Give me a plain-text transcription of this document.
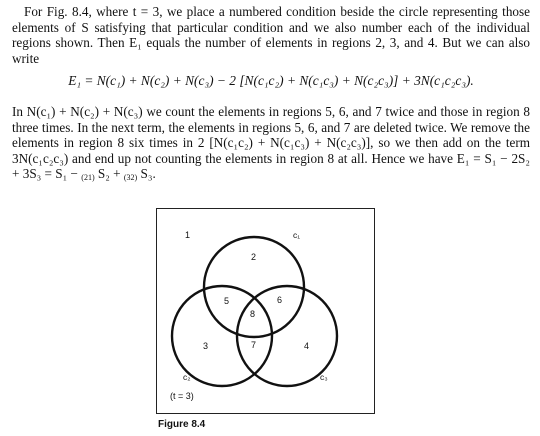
For Fig. 8.4, where t = 3, we place a numbered condition beside the circle representing those elements of S satisfying that particular condition and we also number each of the individual regions shown. Then E₁ equals the number of elements in regions 2, 3, and 4. But we can also write

E₁ = N(c₁) + N(c₂) + N(c₃) − 2 [N(c₁c₂) + N(c₁c₃) + N(c₂c₃)] + 3N(c₁c₂c₃).

In N(c₁) + N(c₂) + N(c₃) we count the elements in regions 5, 6, and 7 twice and those in region 8 three times. In the next term, the elements in regions 5, 6, and 7 are deleted twice. We remove the elements in region 8 six times in 2 [N(c₁c₂) + N(c₁c₃) + N(c₂c₃)], so we then add on the term 3N(c₁c₂c₃) and end up not counting the elements in region 8 at all. Hence we have E₁ = S₁ − 2S₂ + 3S₃ = S₁ − (21) S₂ + (32) S₃.

1
2
3	4
5	6
7
8
c₁
c₂	c₃
(t = 3)
Figure 8.4
